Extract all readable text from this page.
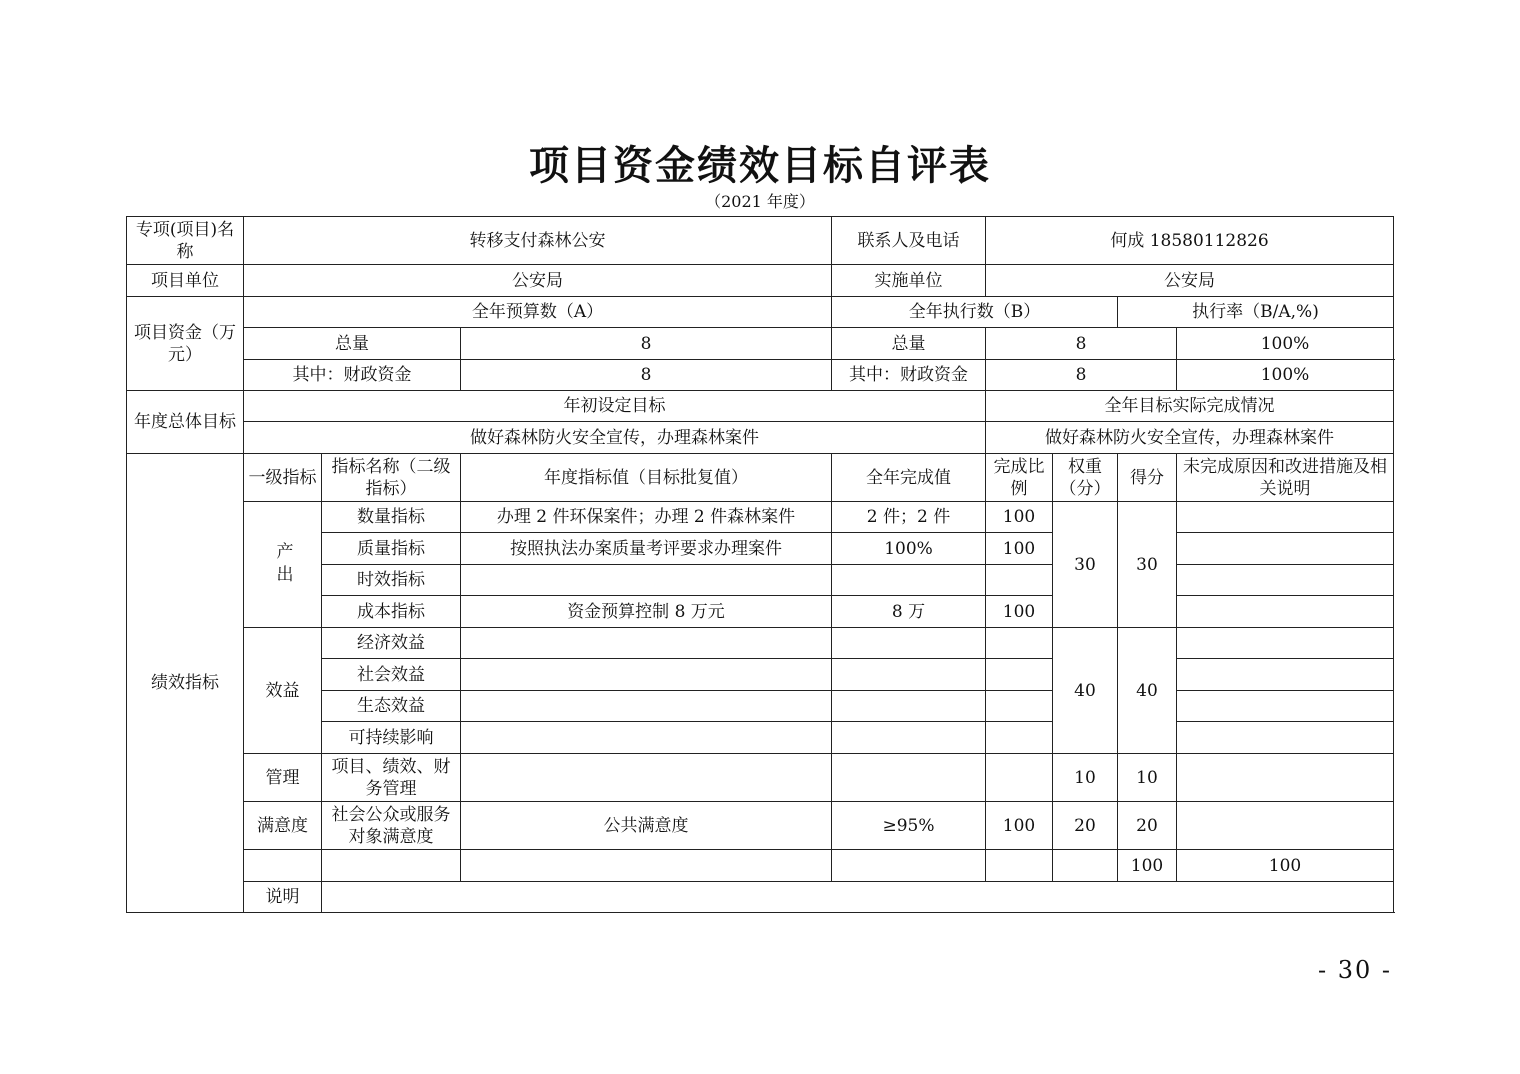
项目资金绩效目标自评表
（2021 年度）
专项(项目)名称	转移支付森林公安			联系人及电话	何成 18580112826				
项目单位	公安局			实施单位	公安局				
项目资金（万元）	全年预算数（A）			全年执行数（B）			执行率（B/A,%)		
	总量		8	总量	8			100%	
	其中：财政资金		8	其中：财政资金	8			100%	
年度总体目标	年初设定目标				全年目标实际完成情况				
	做好森林防火安全宣传，办理森林案件				做好森林防火安全宣传，办理森林案件				
绩效指标	一级指标	指标名称（二级指标）	年度指标值（目标批复值）	全年完成值	完成比例	权重（分）	得分	未完成原因和改进措施及相关说明	
	产出	数量指标	办理 2 件环保案件；办理 2 件森林案件	2 件；2 件	100	30	30		
		质量指标	按照执法办案质量考评要求办理案件	100%	100				
		时效指标							
		成本指标	资金预算控制 8 万元	8 万	100				
	效益	经济效益				40	40		
		社会效益							
		生态效益							
		可持续影响							
	管理	项目、绩效、财务管理				10	10		
	满意度	社会公众或服务对象满意度	公共满意度	≥95%	100	20	20		
							100	100	
	说明								
- 30 -
